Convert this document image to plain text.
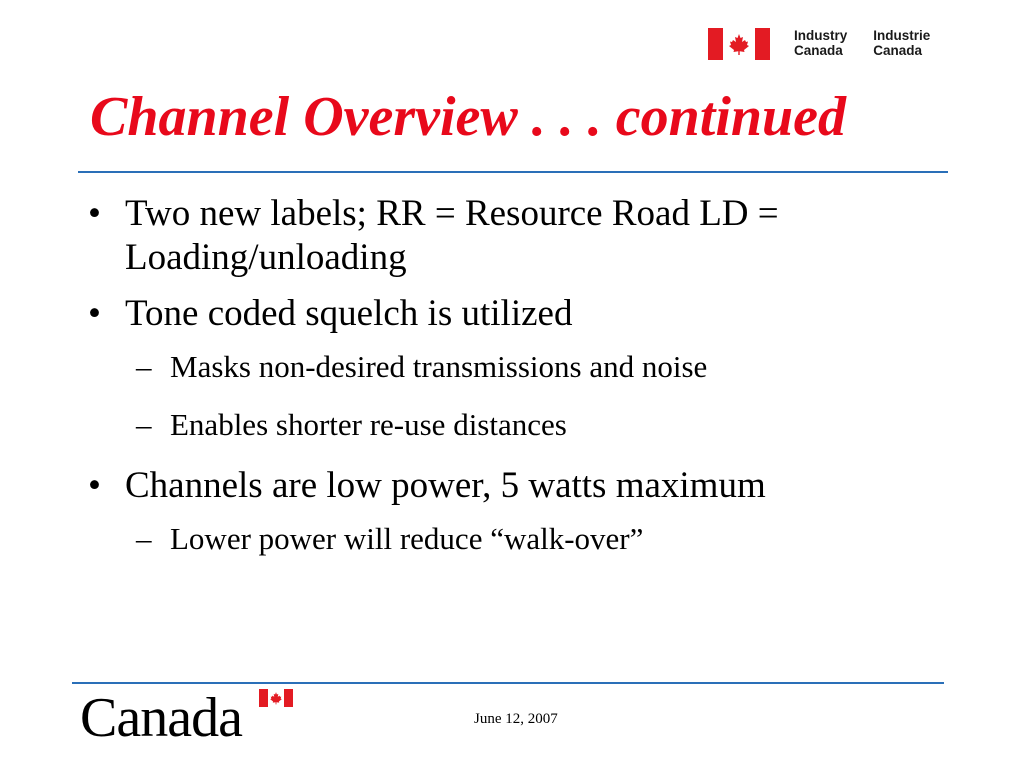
Industry
Canada
Industrie
Canada
Channel Overview . . . continued
• Two new labels; RR = Resource Road LD = Loading/unloading
• Tone coded squelch is utilized
– Masks non-desired transmissions and noise
– Enables shorter re-use distances
• Channels are low power, 5 watts maximum
– Lower power will reduce “walk-over”
Canada	June 12, 2007
